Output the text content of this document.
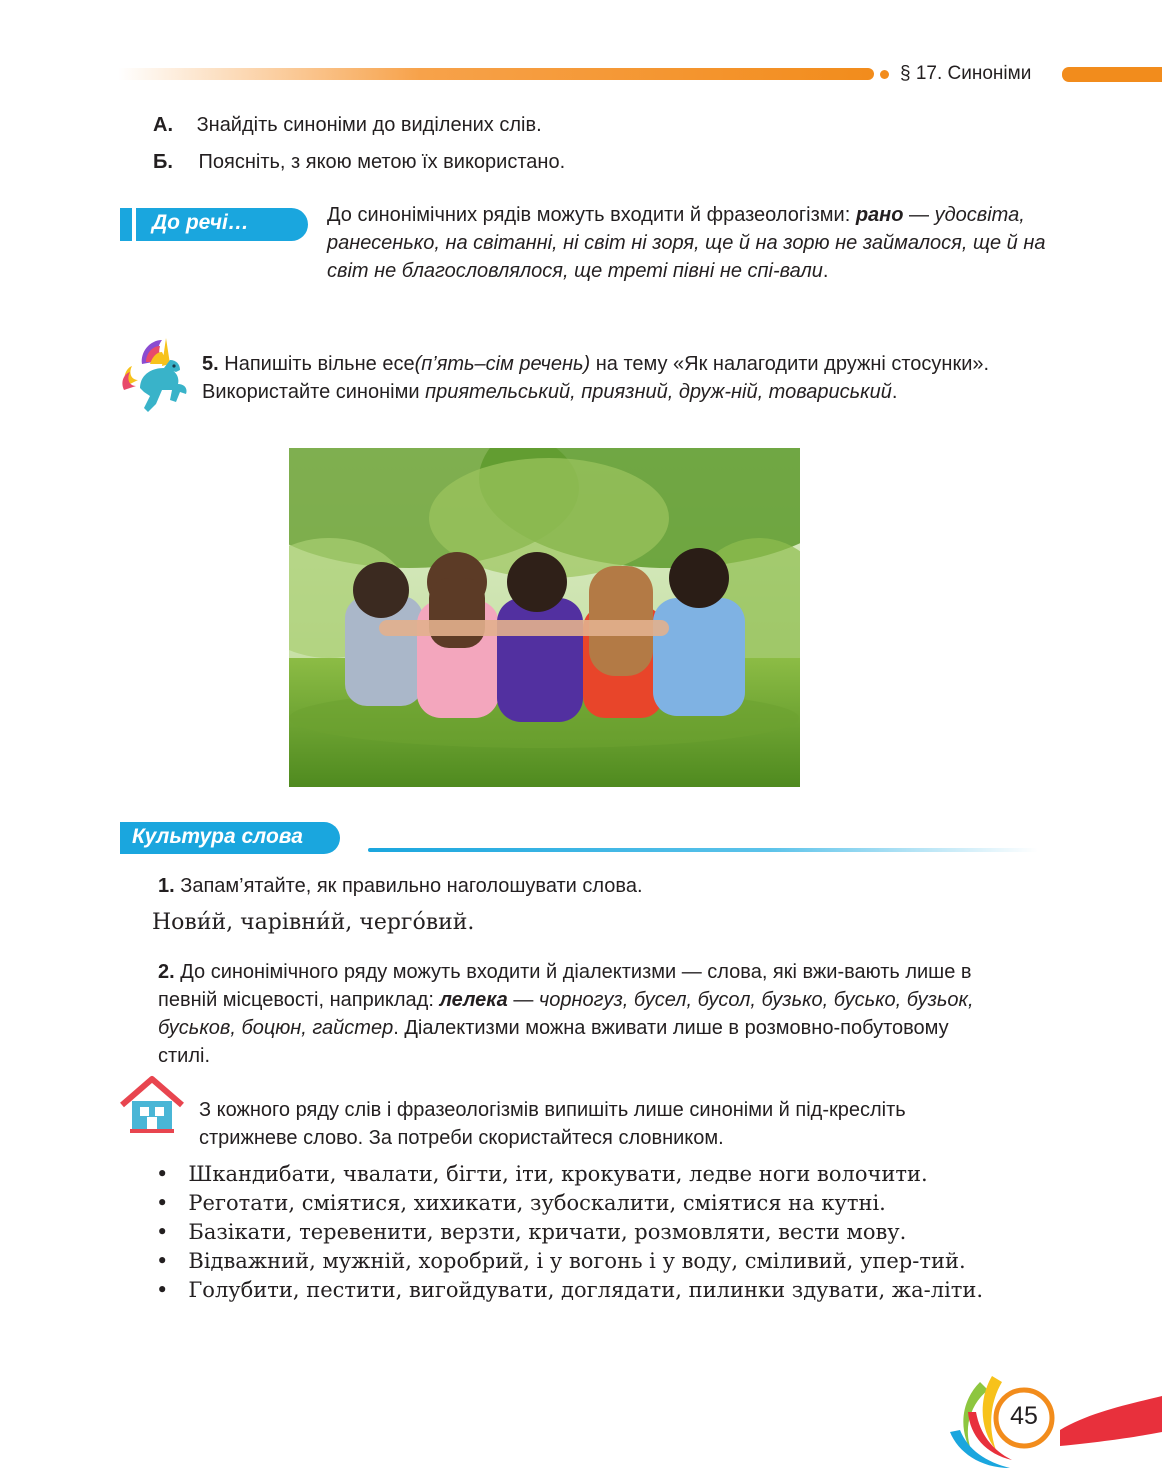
§ 17. Синоніми
А. Знайдіть синоніми до виділених слів.
Б. Поясніть, з якою метою їх використано.
До речі…	До синонімічних рядів можуть входити й фразеологізми: рано — удосвіта, ранесенько, на світанні, ні світ ні зоря, ще й на зорю не займалося, ще й на світ не благословлялося, ще треті півні не спі-вали.
5. Напишіть вільне есе(п’ять–сім речень) на тему «Як налагодити дружні стосунки». Використайте синоніми приятельський, приязний, друж-ній, товариський.
Культура слова
1. Запам’ятайте, як правильно наголошувати слова.
Нови́й, чарівни́й, черго́вий.
2. До синонімічного ряду можуть входити й діалектизми — слова, які вжи-вають лише в певній місцевості, наприклад: лелека — чорногуз, бусел, бусол, бузько, бусько, бузьок, буськов, боцюн, гайстер. Діалектизми можна вживати лише в розмовно-побутовому стилі.
З кожного ряду слів і фразеологізмів випишіть лише синоніми й під-кресліть стрижневе слово. За потреби скористайтеся словником.

• Шкандибати, чвалати, бігти, іти, крокувати, ледве ноги волочити.

• Реготати, сміятися, хихикати, зубоскалити, сміятися на кутні.

• Базікати, теревенити, верзти, кричати, розмовляти, вести мову.

• Відважний, мужній, хоробрий, і у вогонь і у воду, сміливий, упер-тий.

• Голубити, пестити, вигойдувати, доглядати, пилинки здувати, жа-літи.

45
